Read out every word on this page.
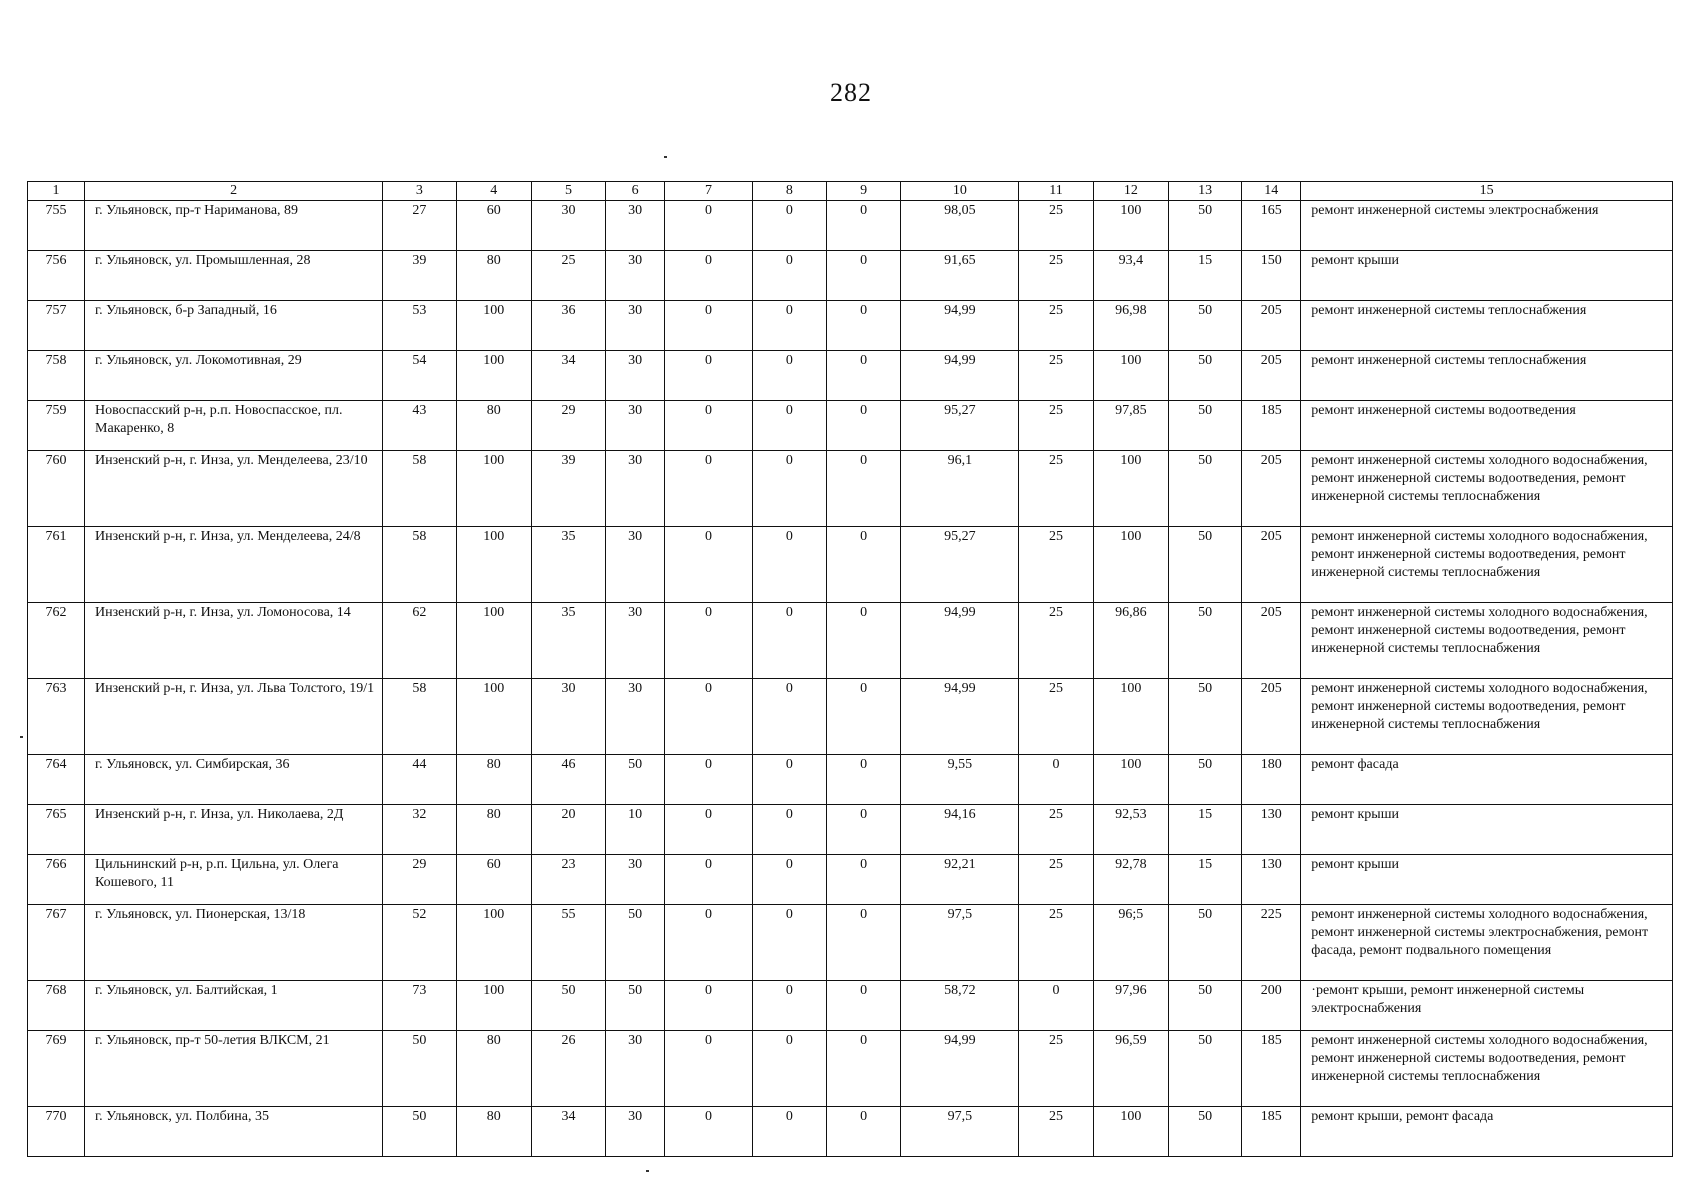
282
1	2	3	4	5	6	7	8	9	10	11	12	13	14	15
755	г. Ульяновск, пр-т Нариманова, 89	27	60	30	30	0	0	0	98,05	25	100	50	165	ремонт инженерной системы электроснабжения
756	г. Ульяновск, ул. Промышленная, 28	39	80	25	30	0	0	0	91,65	25	93,4	15	150	ремонт крыши
757	г. Ульяновск, б-р Западный, 16	53	100	36	30	0	0	0	94,99	25	96,98	50	205	ремонт инженерной системы теплоснабжения
758	г. Ульяновск, ул. Локомотивная, 29	54	100	34	30	0	0	0	94,99	25	100	50	205	ремонт инженерной системы теплоснабжения
759	Новоспасский р-н, р.п. Новоспасское, пл. Макаренко, 8	43	80	29	30	0	0	0	95,27	25	97,85	50	185	ремонт инженерной системы водоотведения
760	Инзенский р-н, г. Инза, ул. Менделеева, 23/10	58	100	39	30	0	0	0	96,1	25	100	50	205	ремонт инженерной системы холодного водоснабжения, ремонт инженерной системы водоотведения, ремонт инженерной системы теплоснабжения
761	Инзенский р-н, г. Инза, ул. Менделеева, 24/8	58	100	35	30	0	0	0	95,27	25	100	50	205	ремонт инженерной системы холодного водоснабжения, ремонт инженерной системы водоотведения, ремонт инженерной системы теплоснабжения
762	Инзенский р-н, г. Инза, ул. Ломоносова, 14	62	100	35	30	0	0	0	94,99	25	96,86	50	205	ремонт инженерной системы холодного водоснабжения, ремонт инженерной системы водоотведения, ремонт инженерной системы теплоснабжения
763	Инзенский р-н, г. Инза, ул. Льва Толстого, 19/1	58	100	30	30	0	0	0	94,99	25	100	50	205	ремонт инженерной системы холодного водоснабжения, ремонт инженерной системы водоотведения, ремонт инженерной системы теплоснабжения
764	г. Ульяновск, ул. Симбирская, 36	44	80	46	50	0	0	0	9,55	0	100	50	180	ремонт фасада
765	Инзенский р-н, г. Инза, ул. Николаева, 2Д	32	80	20	10	0	0	0	94,16	25	92,53	15	130	ремонт крыши
766	Цильнинский р-н, р.п. Цильна, ул. Олега Кошевого, 11	29	60	23	30	0	0	0	92,21	25	92,78	15	130	ремонт крыши
767	г. Ульяновск, ул. Пионерская, 13/18	52	100	55	50	0	0	0	97,5	25	96;5	50	225	ремонт инженерной системы холодного водоснабжения, ремонт инженерной системы электроснабжения, ремонт фасада, ремонт подвального помещения
768	г. Ульяновск, ул. Балтийская, 1	73	100	50	50	0	0	0	58,72	0	97,96	50	200	·ремонт крыши, ремонт инженерной системы электроснабжения
769	г. Ульяновск, пр-т 50-летия ВЛКСМ, 21	50	80	26	30	0	0	0	94,99	25	96,59	50	185	ремонт инженерной системы холодного водоснабжения, ремонт инженерной системы водоотведения, ремонт инженерной системы теплоснабжения
770	г. Ульяновск, ул. Полбина, 35	50	80	34	30	0	0	0	97,5	25	100	50	185	ремонт крыши, ремонт фасада
